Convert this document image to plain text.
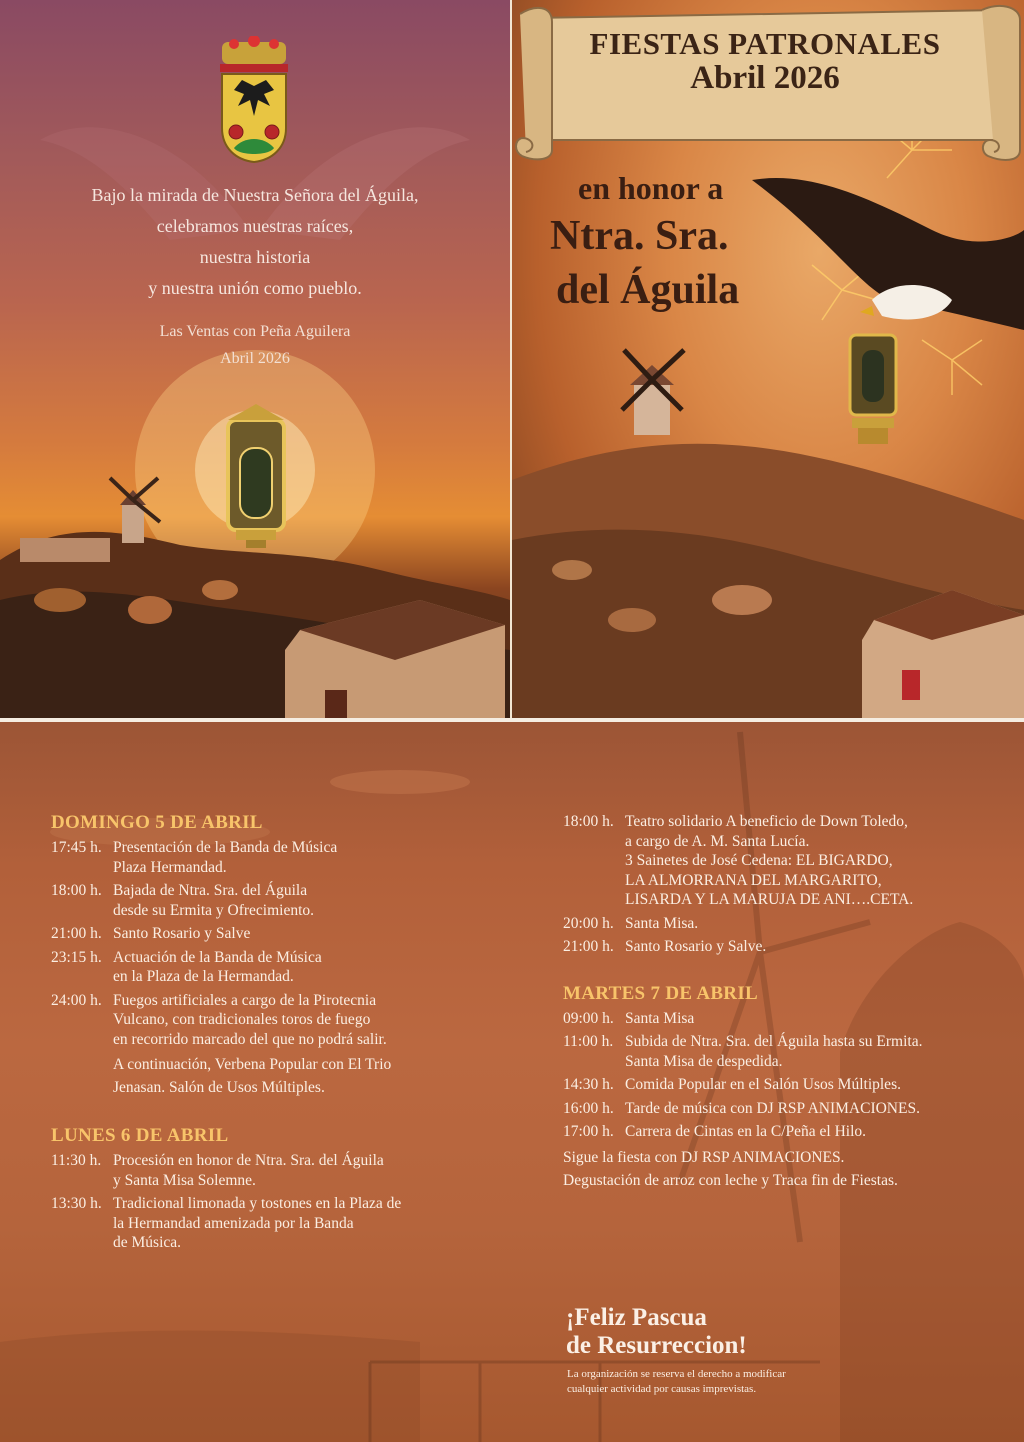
Bajo la mirada de Nuestra Señora del Águila,
celebramos nuestras raíces,
nuestra historia
y nuestra unión como pueblo.
Las Ventas con Peña Aguilera
Abril 2026
FIESTAS PATRONALES
Abril 2026
en honor a
Ntra. Sra.
del Águila
DOMINGO 5 DE ABRIL
17:45 h. Presentación de la Banda de Música
Plaza Hermandad.
18:00 h. Bajada de Ntra. Sra. del Águila
desde su Ermita y Ofrecimiento.
21:00 h. Santo Rosario y Salve
23:15 h. Actuación de la Banda de Música
en la Plaza de la Hermandad.
24:00 h. Fuegos artificiales a cargo de la Pirotecnia
Vulcano, con tradicionales toros de fuego
en recorrido marcado del que no podrá salir.
A continuación, Verbena Popular con El Trio
Jenasan. Salón de Usos Múltiples.
LUNES 6 DE ABRIL
11:30 h. Procesión en honor de Ntra. Sra. del Águila
y Santa Misa Solemne.
13:30 h. Tradicional limonada y tostones en la Plaza de
la Hermandad amenizada por la Banda
de Música.
18:00 h. Teatro solidario A beneficio de Down Toledo,
a cargo de A. M. Santa Lucía.
3 Sainetes de José Cedena: EL BIGARDO,
LA ALMORRANA DEL MARGARITO,
LISARDA Y LA MARUJA DE ANI….CETA.
20:00 h. Santa Misa.
21:00 h. Santo Rosario y Salve.
MARTES 7 DE ABRIL
09:00 h. Santa Misa
11:00 h. Subida de Ntra. Sra. del Águila hasta su Ermita.
Santa Misa de despedida.
14:30 h. Comida Popular en el Salón Usos Múltiples.
16:00 h. Tarde de música con DJ RSP ANIMACIONES.
17:00 h. Carrera de Cintas en la C/Peña el Hilo.
Sigue la fiesta con DJ RSP ANIMACIONES.
Degustación de arroz con leche y Traca fin de Fiestas.
¡Feliz Pascua
de Resurreccion!
La organización se reserva el derecho a modificar
cualquier actividad por causas imprevistas.
